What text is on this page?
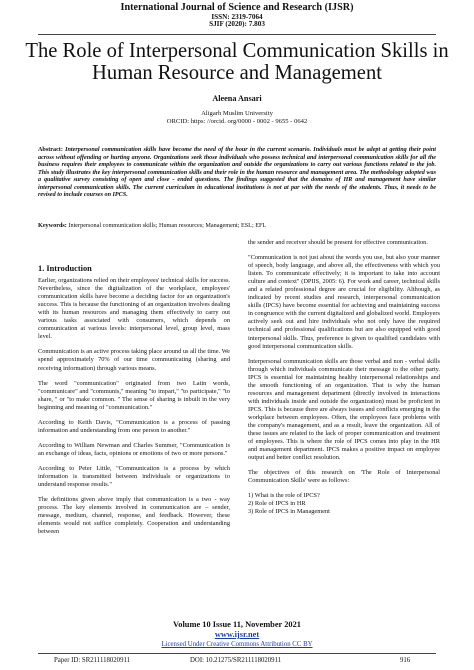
International Journal of Science and Research (IJSR)
ISSN: 2319-7064
SJIF (2020): 7.803
The Role of Interpersonal Communication Skills in Human Resource and Management
Aleena Ansari
Aligarh Muslim University
ORCID: https: //orcid. org/0000 - 0002 - 9655 - 0642
Abstract: Interpersonal communication skills have become the need of the hour in the current scenario. Individuals must be adept at getting their point across without offending or hurting anyone. Organizations seek those individuals who possess technical and interpersonal communication skills for all the business requires their employees to communicate within the organization and outside the organizations to carry out various functions related to the job. This study illustrates the key interpersonal communication skills and their role in the human resource and management area. The methodology adopted was a qualitative survey consisting of open and close - ended questions. The findings suggested that the domains of HR and management have similar interpersonal communication skills. The current curriculum in educational institutions is not at par with the needs of the students. Thus, it needs to be revised to include courses on IPCS.
Keywords: Interpersonal communication skills; Human resources; Management; ESL; EFL
1. Introduction

Earlier, organizations relied on their employees' technical skills for success. Nevertheless, since the digitalization of the workplace, employees' communication skills have become a deciding factor for an organization's success. This is because the functioning of an organization involves dealing with its human resources and managing them effectively to carry out various tasks associated with consumers, which depends on communication at various levels: interpersonal level, group level, mass level.

Communication is an active process taking place around us all the time. We spend approximately 70% of our time communicating (sharing and receiving information) through various means.

The word "communication" originated from two Latin words, "communicare" and "communis," meaning "to impart," "to participate," "to share, " or "to make common. " The sense of sharing is inbuilt in the very beginning and meaning of "communication."

According to Keith Davis, "Communication is a process of passing information and understanding from one person to another."

According to William Newman and Charles Summer, "Communication is an exchange of ideas, facts, opinions or emotions of two or more persons."

According to Peter Little, "Communication is a process by which information is transmitted between individuals or organizations to understand response results."

The definitions given above imply that communication is a two - way process. The key elements involved in communication are – sender, message, medium, channel, response, and feedback. However, these elements would not suffice completely. Cooperation and understanding between

the sender and receiver should be present for effective communication.

"Communication is not just about the words you use, but also your manner of speech, body language, and above all, the effectiveness with which you listen. To communicate effectively; it is important to take into account culture and context" (DPIIS, 2005: 6). For work and career, technical skills and a related professional degree are crucial for eligibility. Although, as indicated by recent studies and research, interpersonal communication skills (IPCS) have become essential for achieving and maintaining success in congruence with the current digitalized and globalized world. Employers actively seek out and hire individuals who not only have the required technical and professional qualifications but are also equipped with good interpersonal skills. Thus, preference is given to qualified candidates with good interpersonal communication skills.

Interpersonal communication skills are those verbal and non - verbal skills through which individuals communicate their message to the other party. IPCS is essential for maintaining healthy interpersonal relationships and the smooth functioning of an organization. That is why the human resources and management department (directly involved in interactions with individuals inside and outside the organization) must be proficient in IPCS. This is because there are always issues and conflicts emerging in the workplace between employees. Often, the employees face problems with the company's management, and as a result, leave the organization. All of these issues are related to the lack of proper communication and treatment of employees. This is where the role of IPCS comes into play in the HR and management department. IPCS makes a positive impact on employee output and better conflict resolution.

The objectives of this research on 'The Role of Interpersonal Communication Skills' were as follows:

1) What is the role of IPCS?
2) Role of IPCS in HR
3) Role of IPCS in Management
Volume 10 Issue 11, November 2021
www.ijsr.net
Licensed Under Creative Commons Attribution CC BY
Paper ID: SR211118020911	DOI: 10.21275/SR211118020911	916
